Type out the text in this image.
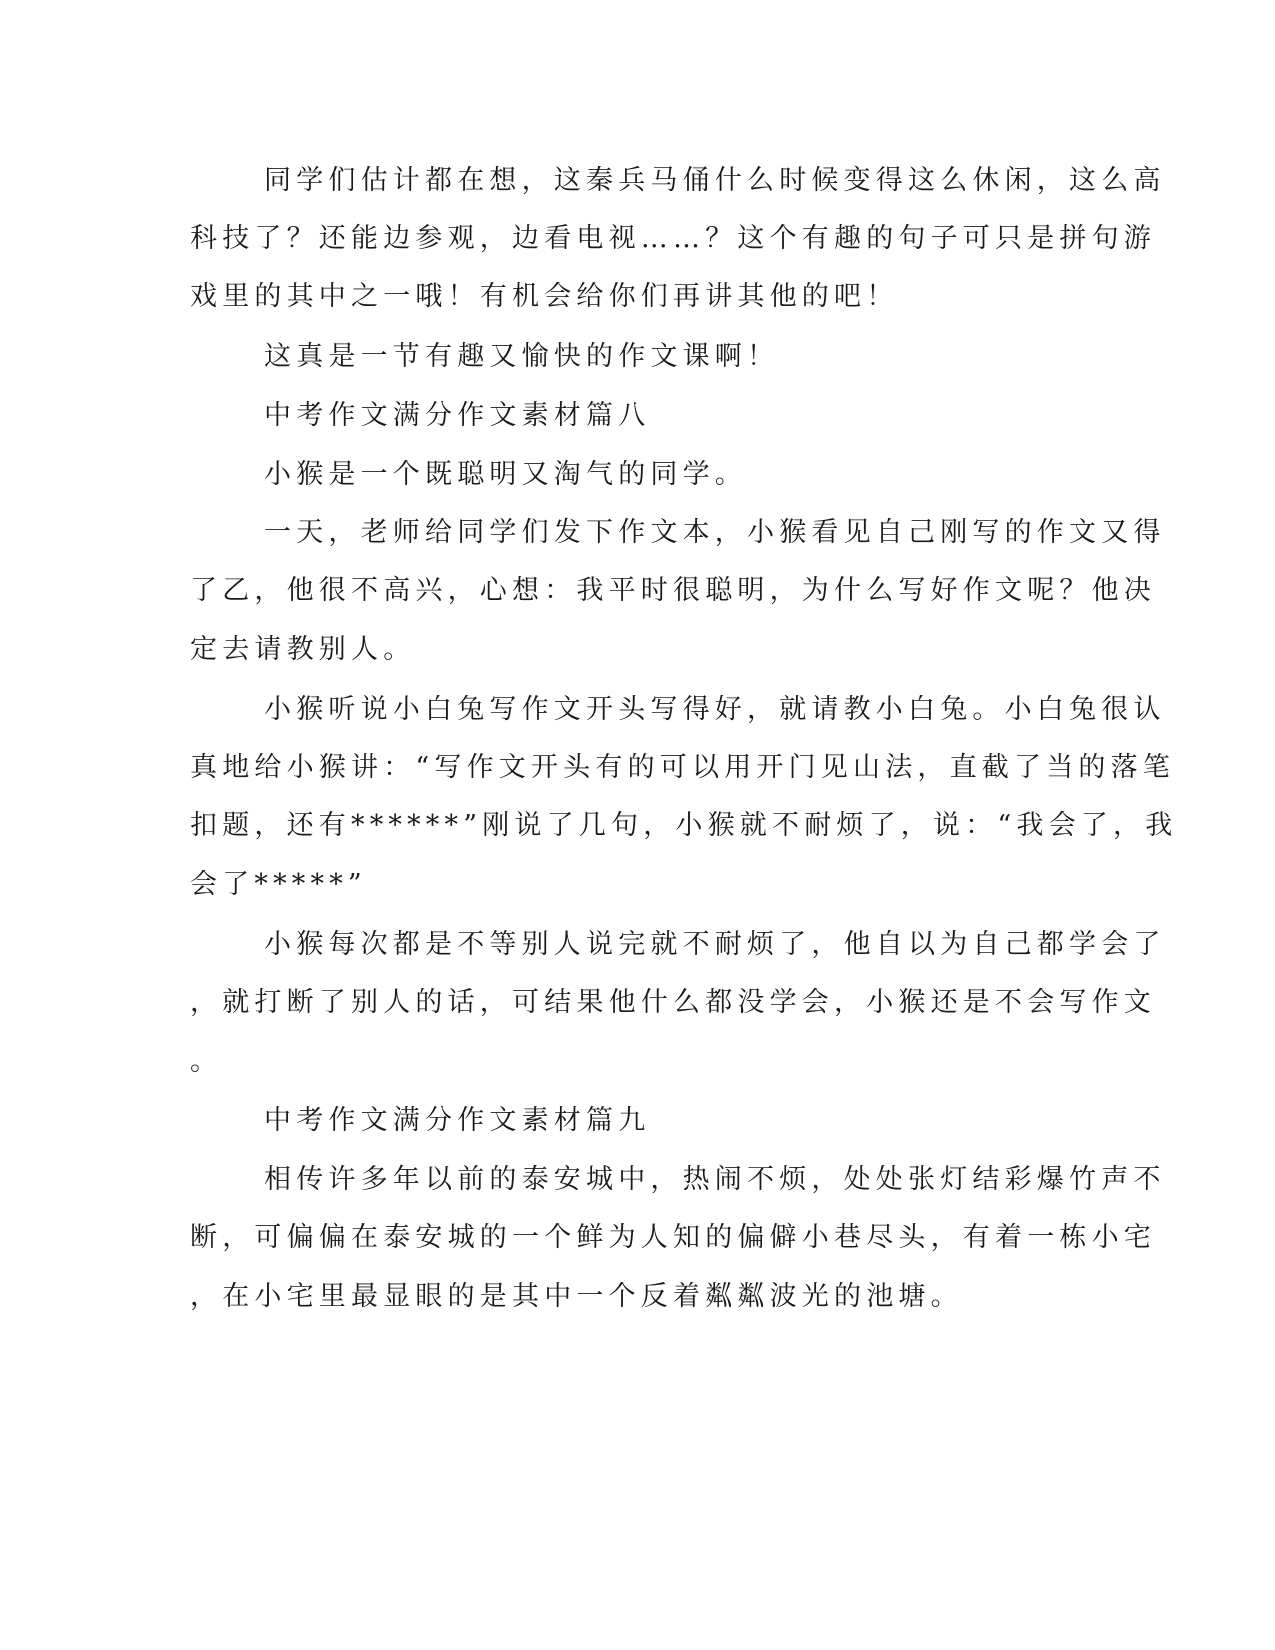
同学们估计都在想，这秦兵马俑什么时候变得这么休闲，这么高
科技了？还能边参观，边看电视……？这个有趣的句子可只是拼句游
戏里的其中之一哦！有机会给你们再讲其他的吧！
这真是一节有趣又愉快的作文课啊！
中考作文满分作文素材篇八
小猴是一个既聪明又淘气的同学。
一天，老师给同学们发下作文本，小猴看见自己刚写的作文又得
了乙，他很不高兴，心想：我平时很聪明，为什么写好作文呢？他决
定去请教别人。
小猴听说小白兔写作文开头写得好，就请教小白兔。小白兔很认
真地给小猴讲：“写作文开头有的可以用开门见山法，直截了当的落笔
扣题，还有******”刚说了几句，小猴就不耐烦了，说：“我会了，我
会了*****”
小猴每次都是不等别人说完就不耐烦了，他自以为自己都学会了
，就打断了别人的话，可结果他什么都没学会，小猴还是不会写作文
。
中考作文满分作文素材篇九
相传许多年以前的泰安城中，热闹不烦，处处张灯结彩爆竹声不
断，可偏偏在泰安城的一个鲜为人知的偏僻小巷尽头，有着一栋小宅
，在小宅里最显眼的是其中一个反着粼粼波光的池塘。
